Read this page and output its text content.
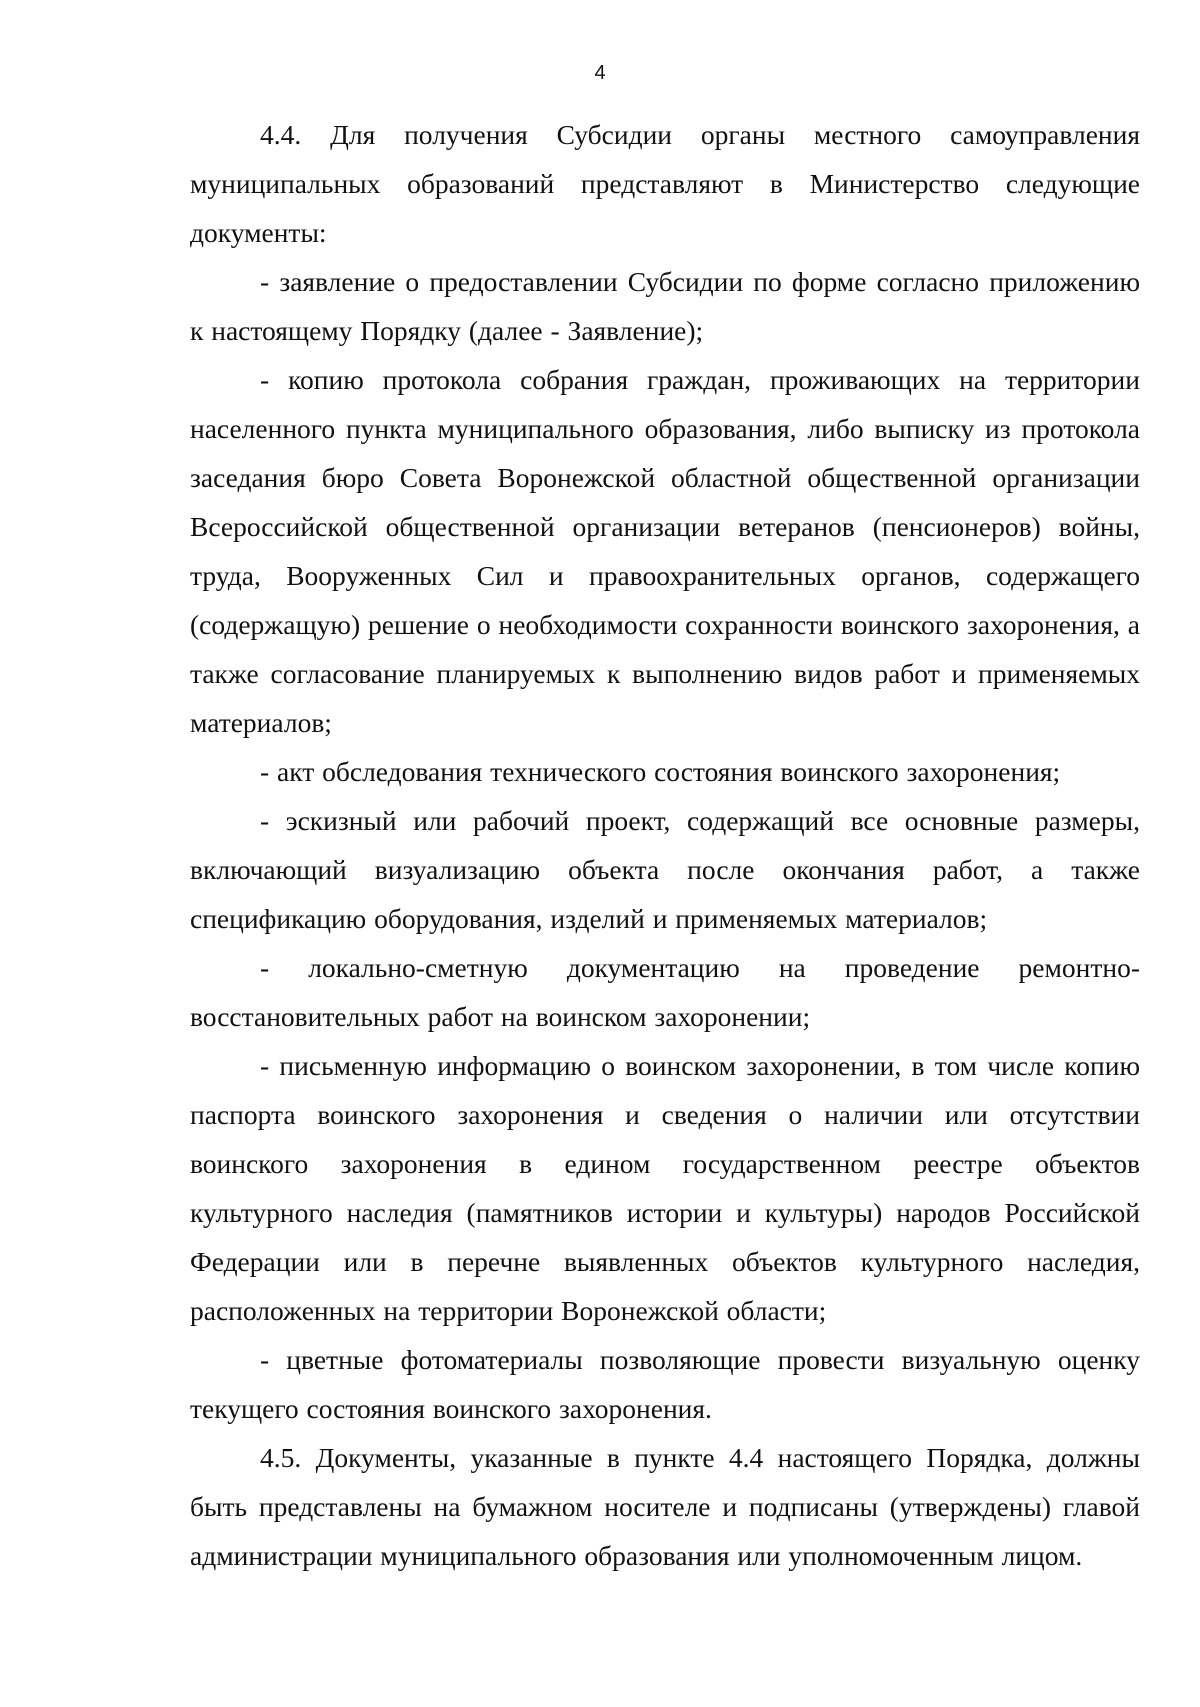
4

4.4. Для получения Субсидии органы местного самоуправления муниципальных образований представляют в Министерство следующие документы:

- заявление о предоставлении Субсидии по форме согласно приложению к настоящему Порядку (далее - Заявление);

- копию протокола собрания граждан, проживающих на территории населенного пункта муниципального образования, либо выписку из протокола заседания бюро Совета Воронежской областной общественной организации Всероссийской общественной организации ветеранов (пенсионеров) войны, труда, Вооруженных Сил и правоохранительных органов, содержащего (содержащую) решение о необходимости сохранности воинского захоронения, а также согласование планируемых к выполнению видов работ и применяемых материалов;

- акт обследования технического состояния воинского захоронения;

- эскизный или рабочий проект, содержащий все основные размеры, включающий визуализацию объекта после окончания работ, а также спецификацию оборудования, изделий и применяемых материалов;

- локально-сметную документацию на проведение ремонтно-восстановительных работ на воинском захоронении;

- письменную информацию о воинском захоронении, в том числе копию паспорта воинского захоронения и сведения о наличии или отсутствии воинского захоронения в едином государственном реестре объектов культурного наследия (памятников истории и культуры) народов Российской Федерации или в перечне выявленных объектов культурного наследия, расположенных на территории Воронежской области;

- цветные фотоматериалы позволяющие провести визуальную оценку текущего состояния воинского захоронения.

4.5. Документы, указанные в пункте 4.4 настоящего Порядка, должны быть представлены на бумажном носителе и подписаны (утверждены) главой администрации муниципального образования или уполномоченным лицом.
